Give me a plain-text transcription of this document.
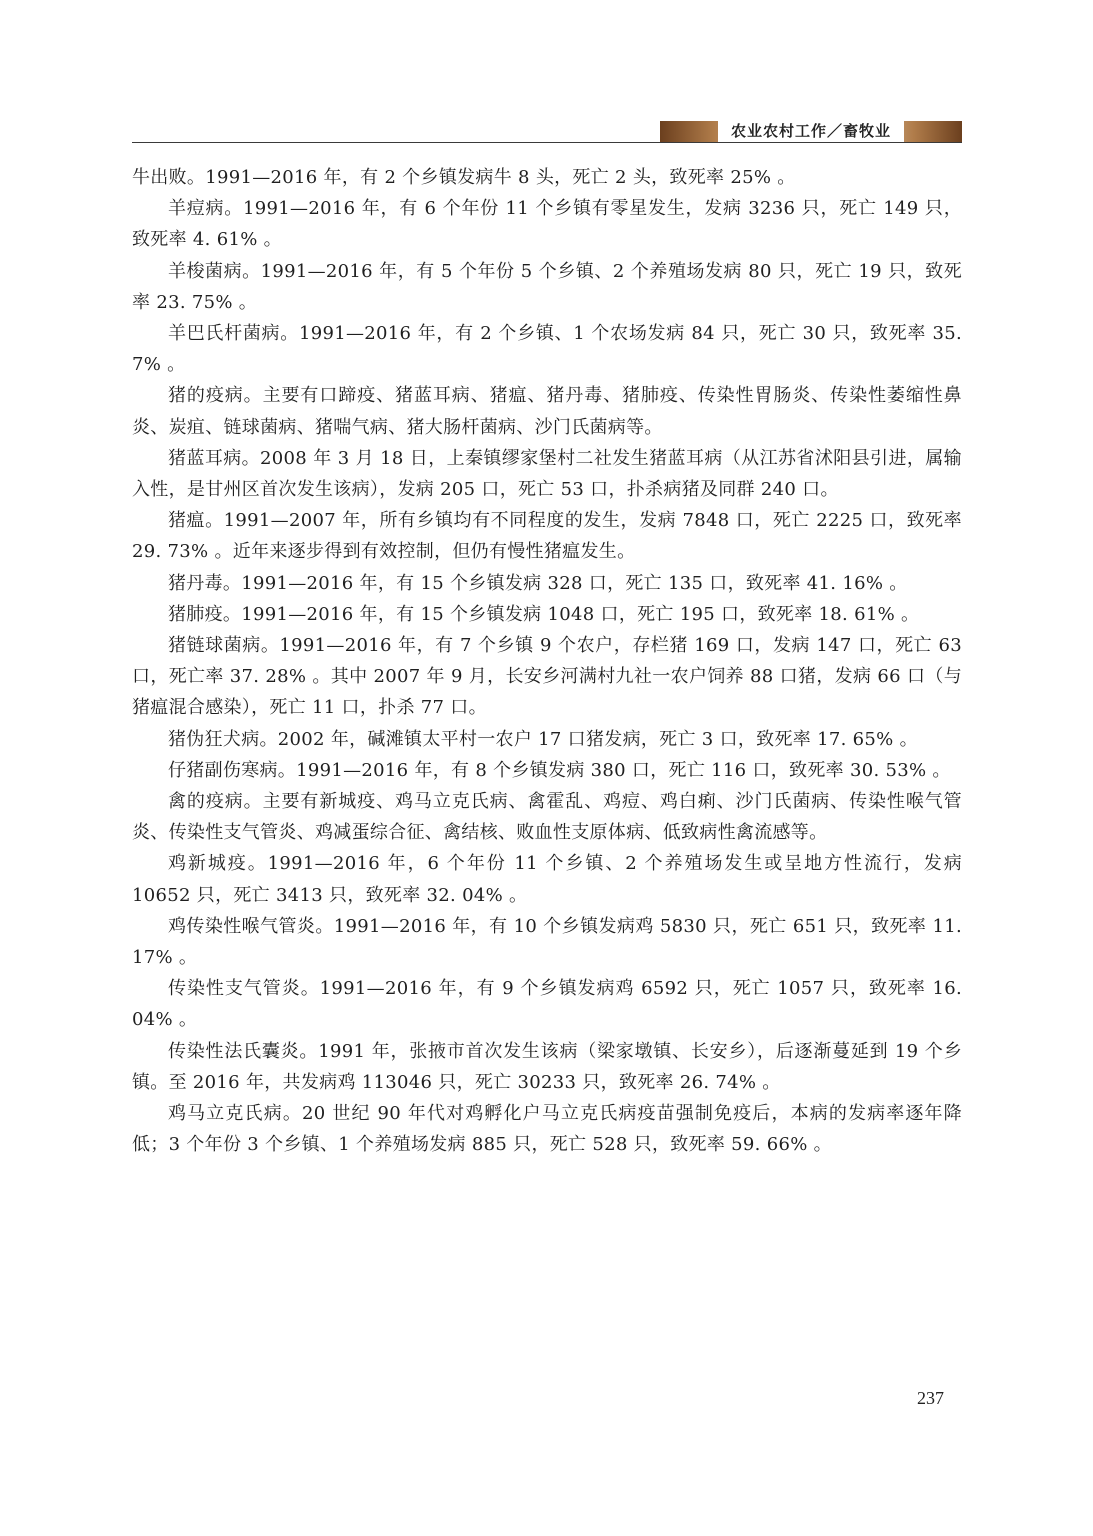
农业农村工作／畜牧业

牛出败。1991—2016 年，有 2 个乡镇发病牛 8 头，死亡 2 头，致死率 25% 。

羊痘病。1991—2016 年，有 6 个年份 11 个乡镇有零星发生，发病 3236 只，死亡 149 只，致死率 4. 61% 。

羊梭菌病。1991—2016 年，有 5 个年份 5 个乡镇、2 个养殖场发病 80 只，死亡 19 只，致死率 23. 75% 。

羊巴氏杆菌病。1991—2016 年，有 2 个乡镇、1 个农场发病 84 只，死亡 30 只，致死率 35. 7% 。

猪的疫病。主要有口蹄疫、猪蓝耳病、猪瘟、猪丹毒、猪肺疫、传染性胃肠炎、传染性萎缩性鼻炎、炭疽、链球菌病、猪喘气病、猪大肠杆菌病、沙门氏菌病等。

猪蓝耳病。2008 年 3 月 18 日，上秦镇缪家堡村二社发生猪蓝耳病（从江苏省沭阳县引进，属输入性，是甘州区首次发生该病），发病 205 口，死亡 53 口，扑杀病猪及同群 240 口。

猪瘟。1991—2007 年，所有乡镇均有不同程度的发生，发病 7848 口，死亡 2225 口，致死率 29. 73% 。近年来逐步得到有效控制，但仍有慢性猪瘟发生。

猪丹毒。1991—2016 年，有 15 个乡镇发病 328 口，死亡 135 口，致死率 41. 16% 。

猪肺疫。1991—2016 年，有 15 个乡镇发病 1048 口，死亡 195 口，致死率 18. 61% 。

猪链球菌病。1991—2016 年，有 7 个乡镇 9 个农户，存栏猪 169 口，发病 147 口，死亡 63 口，死亡率 37. 28% 。其中 2007 年 9 月，长安乡河满村九社一农户饲养 88 口猪，发病 66 口（与猪瘟混合感染），死亡 11 口，扑杀 77 口。

猪伪狂犬病。2002 年，碱滩镇太平村一农户 17 口猪发病，死亡 3 口，致死率 17. 65% 。

仔猪副伤寒病。1991—2016 年，有 8 个乡镇发病 380 口，死亡 116 口，致死率 30. 53% 。

禽的疫病。主要有新城疫、鸡马立克氏病、禽霍乱、鸡痘、鸡白痢、沙门氏菌病、传染性喉气管炎、传染性支气管炎、鸡减蛋综合征、禽结核、败血性支原体病、低致病性禽流感等。

鸡新城疫。1991—2016 年，6 个年份 11 个乡镇、2 个养殖场发生或呈地方性流行，发病 10652 只，死亡 3413 只，致死率 32. 04% 。

鸡传染性喉气管炎。1991—2016 年，有 10 个乡镇发病鸡 5830 只，死亡 651 只，致死率 11. 17% 。

传染性支气管炎。1991—2016 年，有 9 个乡镇发病鸡 6592 只，死亡 1057 只，致死率 16. 04% 。

传染性法氏囊炎。1991 年，张掖市首次发生该病（梁家墩镇、长安乡），后逐渐蔓延到 19 个乡镇。至 2016 年，共发病鸡 113046 只，死亡 30233 只，致死率 26. 74% 。

鸡马立克氏病。20 世纪 90 年代对鸡孵化户马立克氏病疫苗强制免疫后，本病的发病率逐年降低；3 个年份 3 个乡镇、1 个养殖场发病 885 只，死亡 528 只，致死率 59. 66% 。

237
